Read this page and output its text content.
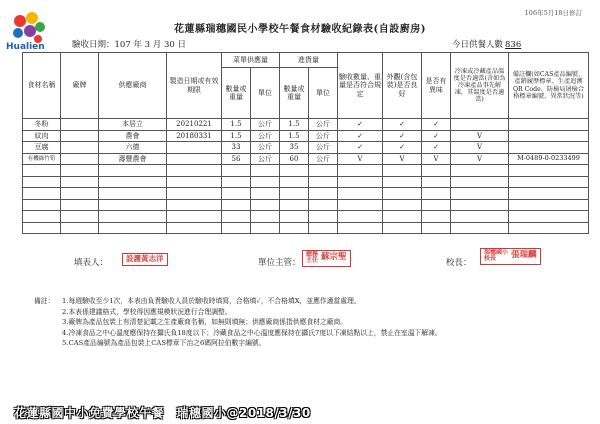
Hualien
106年5月18日修訂
花蓮縣瑞穗國民小學校午餐食材驗收紀錄表(自設廚房)
驗收日期：107 年 3 月 30 日	今日供餐人數 836
食材名稱	廠牌	供應廠商	製造日期或有效期限	菜單供應量		進貨量		驗收數量、重量是否符合規定	外觀(含包裝)是否良好	是否有異味	冷凍或冷藏產品溫度是否適當(含如為冷凍產品事先解凍，其溫度是否適當)	備註欄(如CAS產品編號、產銷履歷標章、生產追溯QR Code、防檢局屠檢合格標章編號、異常狀況等)
				數量或重量	單位	數量或重量	單位					
冬粉		本居立	20210221	1.5	公斤	1.5	公斤	✓	✓	✓		
紋肉		農會	20180331	1.5	公斤	1.5	公斤	✓	✓	✓	V	
豆腐		六德		33	公斤	35	公斤	✓	✓	✓	V	
有機綠竹筍		壽豐農會		56	公斤	60	公斤	V	V	V	V	M-0489-0-0233499

填表人：	設護黃志洋	單位主管：
總務
主任 蘇宗聖
校長：
瑞穗國小
校長	張瑞麟
備註：	1.每週驗收至少1次，本表由負責驗收人員於驗收時填寫，合格填✓，不合格填X，並應作適當處理。
2.本表係建議格式，學校得因應規模狀況進行合理調整。
3.廠牌為產品包裝上有清楚記載之生產廠商名稱，如無則填無；供應廠商係指供應食材之廠商。
4.冷凍食品之中心溫度應保持在攝氏負18度以下；冷藏食品之中心溫度應保持在攝氏7度以下凍結點以上，禁止在室溫下解凍。
5.CAS產品編號為產品包裝上CAS標章下治之6碼阿拉伯數字編號。
花蓮縣國中小免費學校午餐　瑞穗國小@2018/3/30
